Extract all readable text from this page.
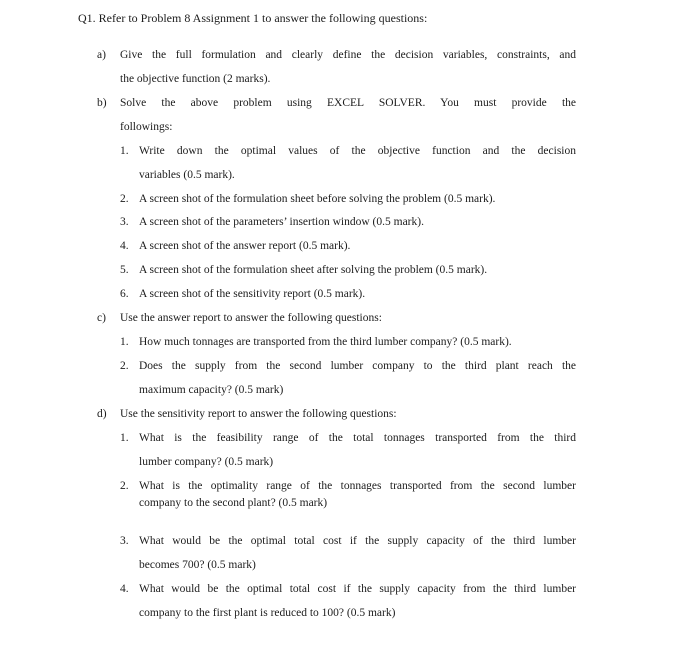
Q1. Refer to Problem 8 Assignment 1 to answer the following questions:
a)	Give the full formulation and clearly define the decision variables, constraints, and
the objective function (2 marks).
b)	Solve the above problem using EXCEL SOLVER. You must provide the
followings:
1. Write down the optimal values of the objective function and the decision
variables (0.5 mark).
2. A screen shot of the formulation sheet before solving the problem (0.5 mark).
3. A screen shot of the parameters’ insertion window (0.5 mark).
4. A screen shot of the answer report (0.5 mark).
5. A screen shot of the formulation sheet after solving the problem (0.5 mark).
6. A screen shot of the sensitivity report (0.5 mark).
c)	Use the answer report to answer the following questions:
1. How much tonnages are transported from the third lumber company? (0.5 mark).
2. Does the supply from the second lumber company to the third plant reach the
maximum capacity? (0.5 mark)
d)	Use the sensitivity report to answer the following questions:
1. What is the feasibility range of the total tonnages transported from the third
lumber company? (0.5 mark)
2. What is the optimality range of the tonnages transported from the second lumber
company to the second plant? (0.5 mark)
3. What would be the optimal total cost if the supply capacity of the third lumber
becomes 700? (0.5 mark)
4. What would be the optimal total cost if the supply capacity from the third lumber
company to the first plant is reduced to 100? (0.5 mark)
